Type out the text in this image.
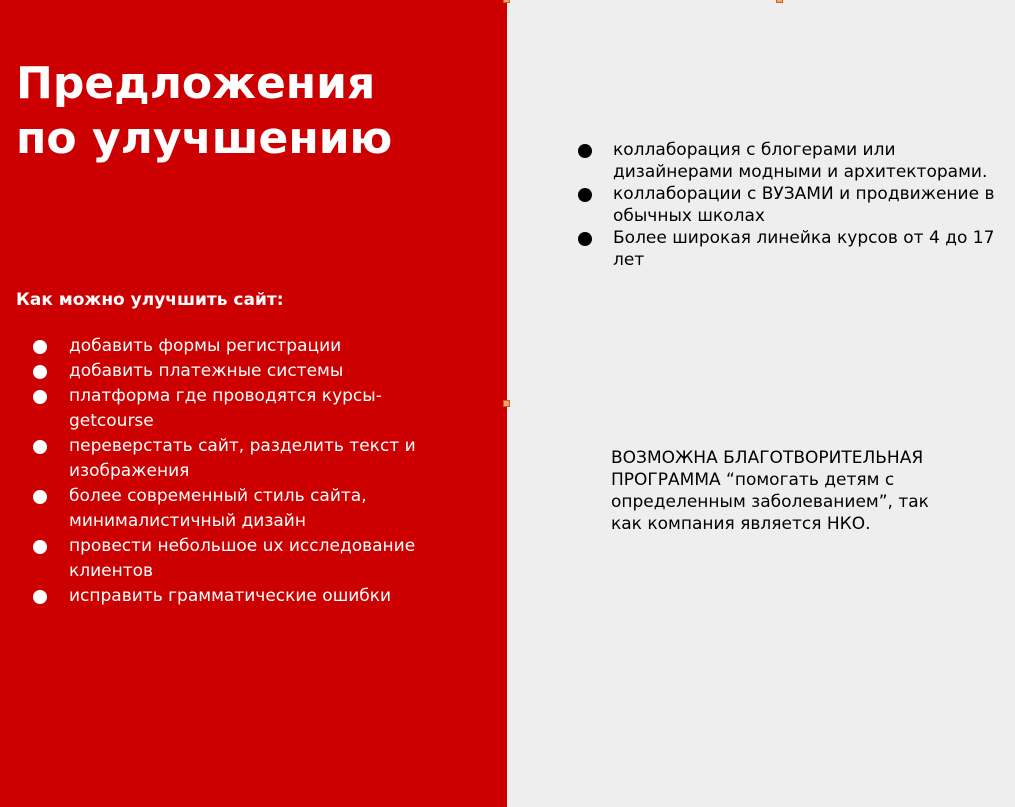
Предложения
по улучшению

Как можно улучшить сайт:

добавить формы регистрации
добавить платежные системы
платформа где проводятся курсы-getcourse
переверстать сайт, разделить текст и изображения
более современный стиль сайта, минималистичный дизайн
провести небольшое ux исследование клиентов
исправить грамматические ошибки
коллаборация с блогерами или дизайнерами модными и архитекторами.
коллаборации с ВУЗАМИ и продвижение в обычных школах
Более широкая линейка курсов от 4 до 17 лет

ВОЗМОЖНА БЛАГОТВОРИТЕЛЬНАЯ ПРОГРАММА “помогать детям с определенным заболеванием”, так как компания является НКО.
